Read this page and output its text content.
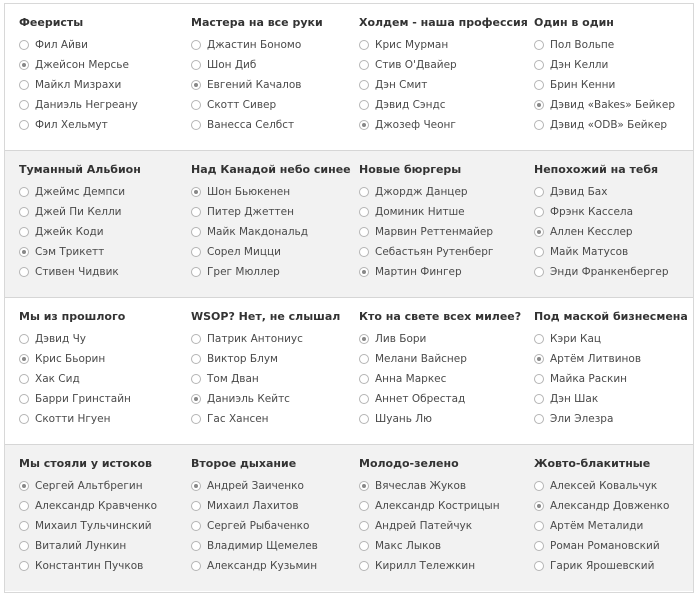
Феeристы
Фил Айви
Джейсон Мерсье
Майкл Мизрахи
Даниэль Негреану
Фил Хельмут
Мастера на все руки
Джастин Бономо
Шон Диб
Евгений Качалов
Скотт Сивер
Ванесса Селбст
Холдем - наша профессия
Крис Мурман
Стив О'Двайер
Дэн Смит
Дэвид Сэндс
Джозеф Чеонг
Один в один
Пол Вольпе
Дэн Келли
Брин Кенни
Дэвид «Bakes» Бейкер
Дэвид «ODB» Бейкер
Туманный Альбион
Джеймс Демпси
Джей Пи Келли
Джейк Коди
Сэм Трикетт
Стивен Чидвик
Над Канадой небо синее
Шон Бьюкенен
Питер Джеттен
Майк Макдональд
Сорел Мицци
Грег Мюллер
Новые бюргеры
Джордж Данцер
Доминик Нитше
Марвин Реттенмайер
Себастьян Рутенберг
Мартин Фингер
Непохожий на тебя
Дэвид Бах
Фрэнк Кассела
Аллен Кесслер
Майк Матусов
Энди Франкенбергер
Мы из прошлого
Дэвид Чу
Крис Бьорин
Хак Сид
Барри Гринстайн
Скотти Нгуен
WSOP? Нет, не слышал
Патрик Антониус
Виктор Блум
Том Дван
Даниэль Кейтс
Гас Хансен
Кто на свете всех милее?
Лив Бори
Мелани Вайснер
Анна Маркес
Аннет Обрестад
Шуань Лю
Под маской бизнесмена
Кэри Кац
Артём Литвинов
Майка Раскин
Дэн Шак
Эли Элезра
Мы стояли у истоков
Сергей Альтбрегин
Александр Кравченко
Михаил Тульчинский
Виталий Лункин
Константин Пучков
Второе дыхание
Андрей Заиченко
Михаил Лахитов
Сергей Рыбаченко
Владимир Щемелев
Александр Кузьмин
Молодо-зелено
Вячеслав Жуков
Александр Кострицын
Андрей Патейчук
Макс Лыков
Кирилл Тележкин
Жовто-блакитные
Алексей Ковальчук
Александр Довженко
Артём Металиди
Роман Романовский
Гарик Ярошевский
